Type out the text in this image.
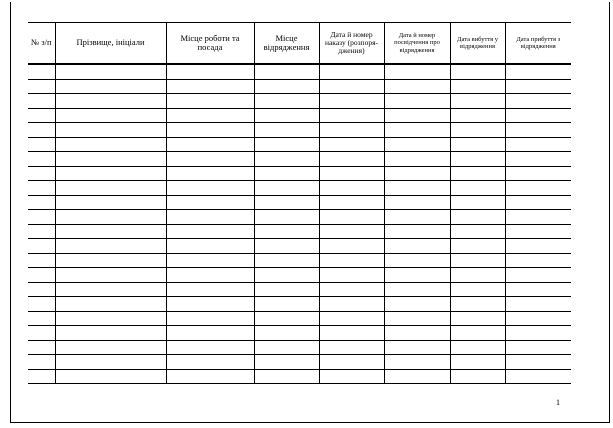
№ з/п	Прізвище, ініціали	Місце роботи та посада	Місце відрядження	Дата й номер наказу (розпоря-дження)	Дата й номер посвідчення про відрядження	Дата вибуття у відрядження	Дата прибуття з відрядження

1
